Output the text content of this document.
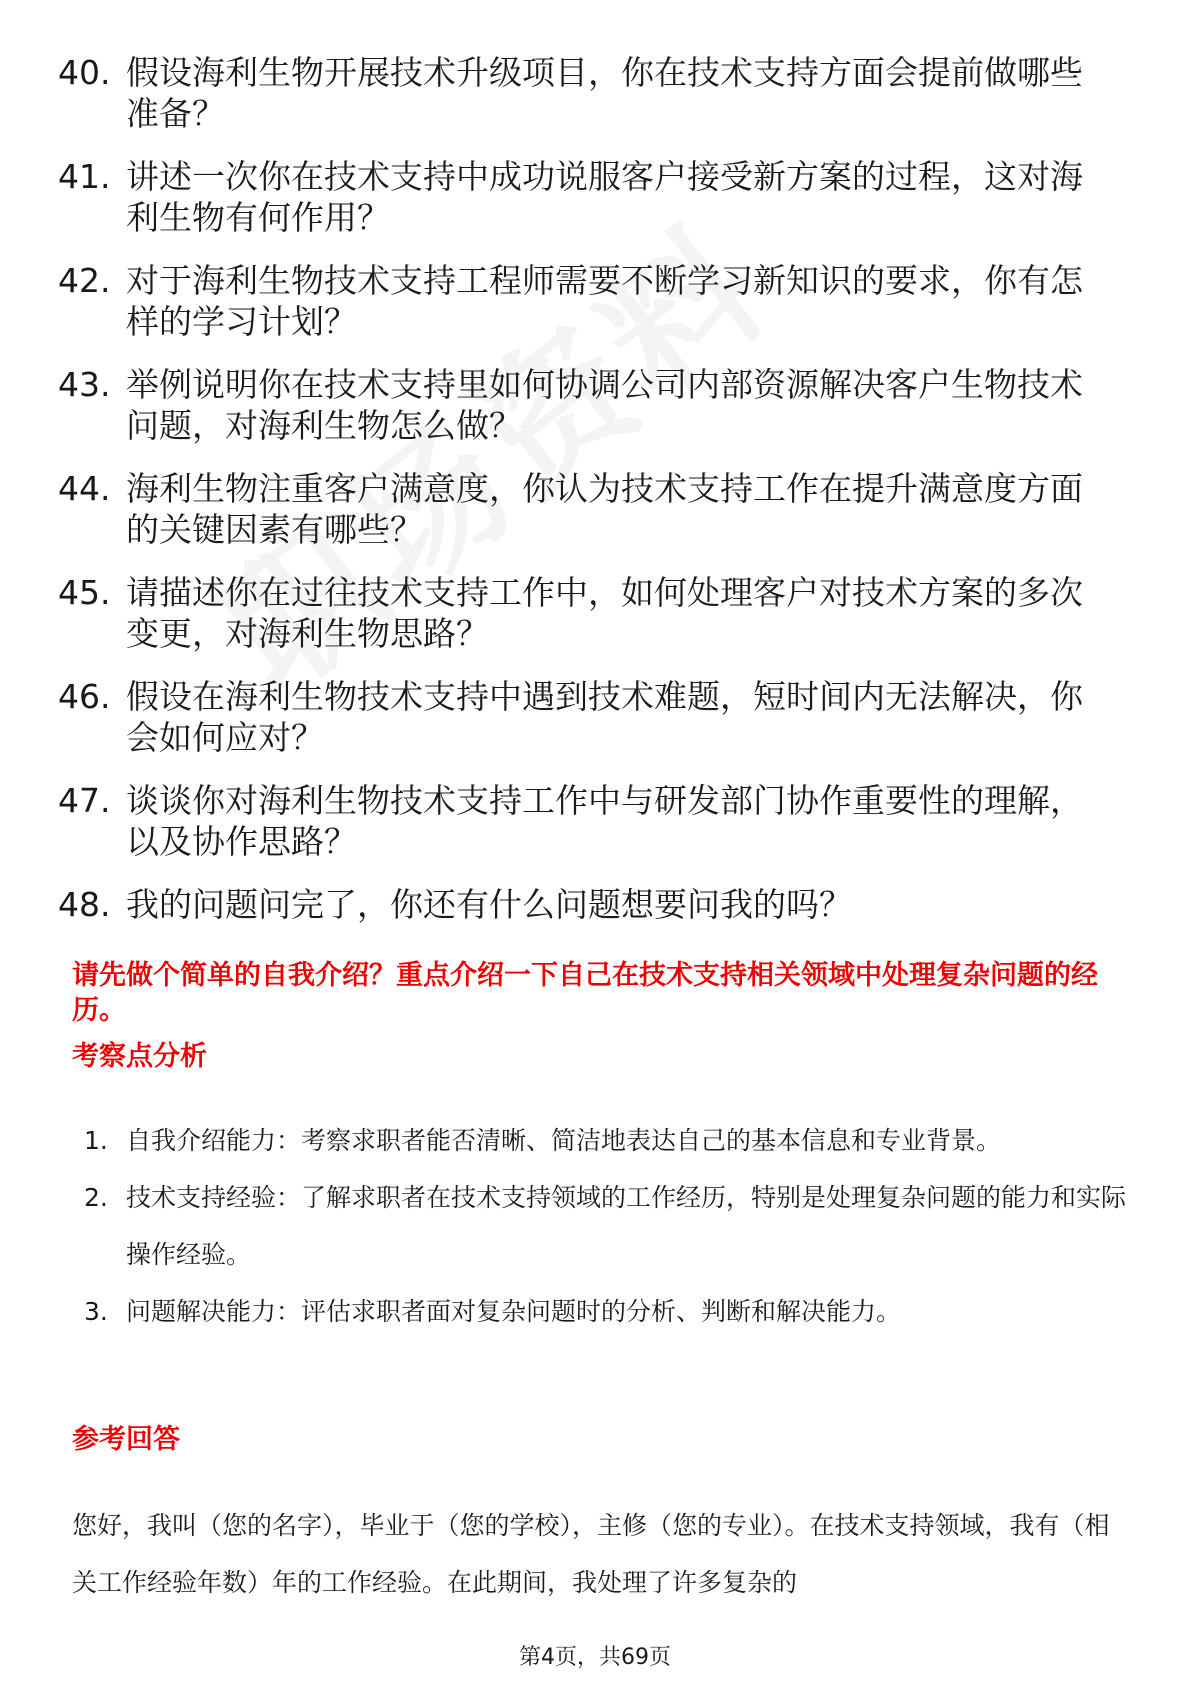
40. 假设海利生物开展技术升级项目，你在技术支持方面会提前做哪些准备？
41. 讲述一次你在技术支持中成功说服客户接受新方案的过程，这对海利生物有何作用？
42. 对于海利生物技术支持工程师需要不断学习新知识的要求，你有怎样的学习计划？
43. 举例说明你在技术支持里如何协调公司内部资源解决客户生物技术问题，对海利生物怎么做？
44. 海利生物注重客户满意度，你认为技术支持工作在提升满意度方面的关键因素有哪些？
45. 请描述你在过往技术支持工作中，如何处理客户对技术方案的多次变更，对海利生物思路？
46. 假设在海利生物技术支持中遇到技术难题，短时间内无法解决，你会如何应对？
47. 谈谈你对海利生物技术支持工作中与研发部门协作重要性的理解，以及协作思路？
48. 我的问题问完了，你还有什么问题想要问我的吗？
请先做个简单的自我介绍？重点介绍一下自己在技术支持相关领域中处理复杂问题的经历。
考察点分析
1. 自我介绍能力：考察求职者能否清晰、简洁地表达自己的基本信息和专业背景。
2. 技术支持经验：了解求职者在技术支持领域的工作经历，特别是处理复杂问题的能力和实际操作经验。
3. 问题解决能力：评估求职者面对复杂问题时的分析、判断和解决能力。
参考回答
您好，我叫（您的名字），毕业于（您的学校），主修（您的专业）。在技术支持领域，我有（相关工作经验年数）年的工作经验。在此期间，我处理了许多复杂的
第4页，共69页
